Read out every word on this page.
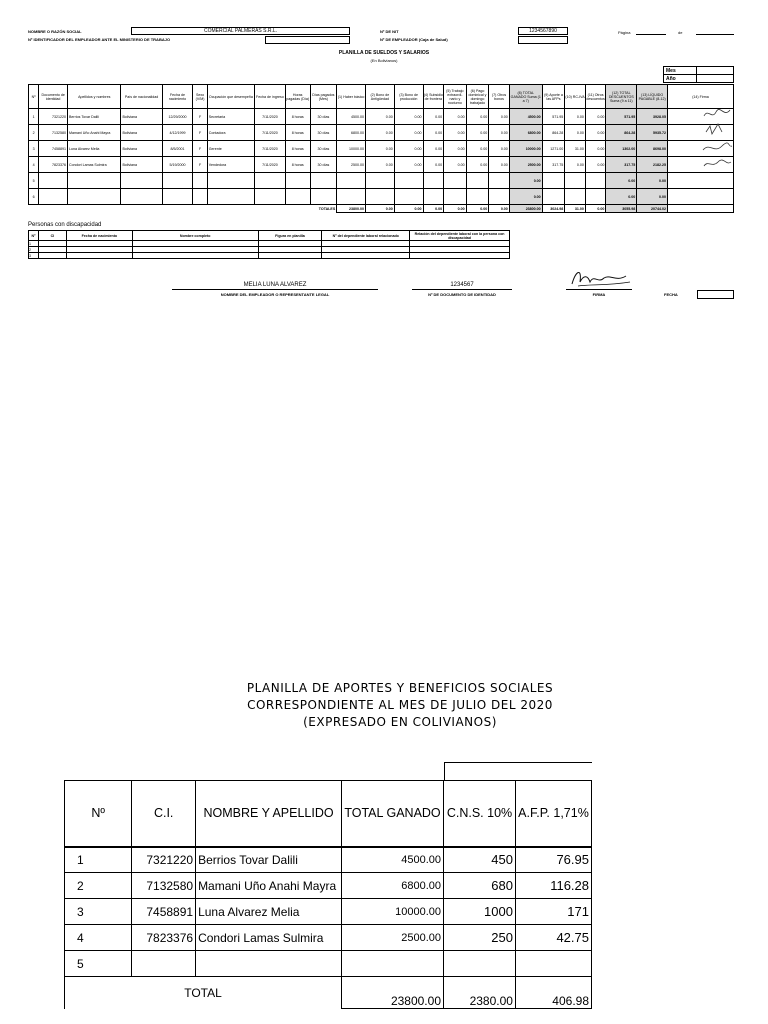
NOMBRE O RAZÓN SOCIAL	COMERCIAL PALMERAS S.R.L.
Nº IDENTIFICADOR DEL EMPLEADOR ANTE EL MINISTERIO DE TRABAJO
Nº DE NIT	1234567890
Nº DE EMPLEADOR (Caja de Salud)
Página	de
PLANILLA DE SUELDOS Y SALARIOS
(En Bolivianos)
Mes
Año
Nº	Documento de identidad	Apellidos y nombres	País de nacionalidad	Fecha de nacimiento	Sexo (V/M)	Ocupación que desempeña	Fecha de ingreso	Horas pagadas (Día)	Días pagados (Mes)	(1) Haber básico	(2) Bono de Antigüedad	(3) Bono de producción	(4) Subsidio de frontera	(5) Trabajo extraordi-nario y nocturno	(6) Pago dominical y domingo trabajado	(7) Otros bonos	(8) TOTAL GANADO Suma (1 a 7)	(9) Aporte a las AFPs	(10) RC-IVA	(11) Otros descuentos	(12) TOTAL DESCUENTOS Suma (9 a 11)	(13) LÍQUIDO PAGABLE (8-12)	(14) Firma
1	7321220	Berrios Tovar Dalili	Boliviana	12/29/2000	F	Secretaria	7/11/2020	8 horas	30 días	4500.00	0.00	0.00	0.00	0.00	0.00	0.00	4500.00	571.95	0.00	0.00	571.95	3928.05	
2	7132580	Mamani Uño Anahi Mayra	Boliviana	4/12/1999	F	Contadora	7/11/2020	8 horas	30 días	6800.00	0.00	0.00	0.00	0.00	0.00	0.00	6800.00	864.28	0.00	0.00	864.28	5935.72	
3	7458891	Luna Alvarez Melia	Boliviana	8/5/2001	F	Gerente	7/11/2020	8 horas	30 días	10000.00	0.00	0.00	0.00	0.00	0.00	0.00	10000.00	1271.00	31.00	0.00	1302.00	8698.00	
4	7823376	Condori Lamas Sulmira	Boliviana	5/19/2000	F	Vendedora	7/11/2020	8 horas	30 días	2500.00	0.00	0.00	0.00	0.00	0.00	0.00	2500.00	317.75	0.00	0.00	317.75	2182.25	
5																	0.00				0.00	0.00	
6																	0.00				0.00	0.00	
TOTALES										23800.00	0.00	0.00	0.00	0.00	0.00	0.00	23800.00	3024.98	31.00	0.00	3055.98	20744.02	
Personas con discapacidad
Nº	CI	Fecha de nacimiento	Nombre completo	Figura en planilla	Nº del dependiente laboral relacionado	Relación del dependiente laboral con la persona con discapacidad
1						
2						
3						
MELIA LUNA ALVAREZ
NOMBRE DEL EMPLEADOR O REPRESENTANTE LEGAL
1234567
Nº DE DOCUMENTO DE IDENTIDAD	FIRMA	FECHA
PLANILLA DE APORTES Y BENEFICIOS SOCIALES
CORRESPONDIENTE AL MES DE JULIO DEL 2020
(EXPRESADO EN COLIVIANOS)
Nº	C.I.	NOMBRE Y APELLIDO	TOTAL GANADO	C.N.S. 10%	A.F.P. 1,71%
1	7321220	Berrios Tovar Dalili	4500.00	450	76.95
2	7132580	Mamani Uño Anahi Mayra	6800.00	680	116.28
3	7458891	Luna Alvarez Melia	10000.00	1000	171
4	7823376	Condori Lamas Sulmira	2500.00	250	42.75
5					
TOTAL			23800.00	2380.00	406.98
